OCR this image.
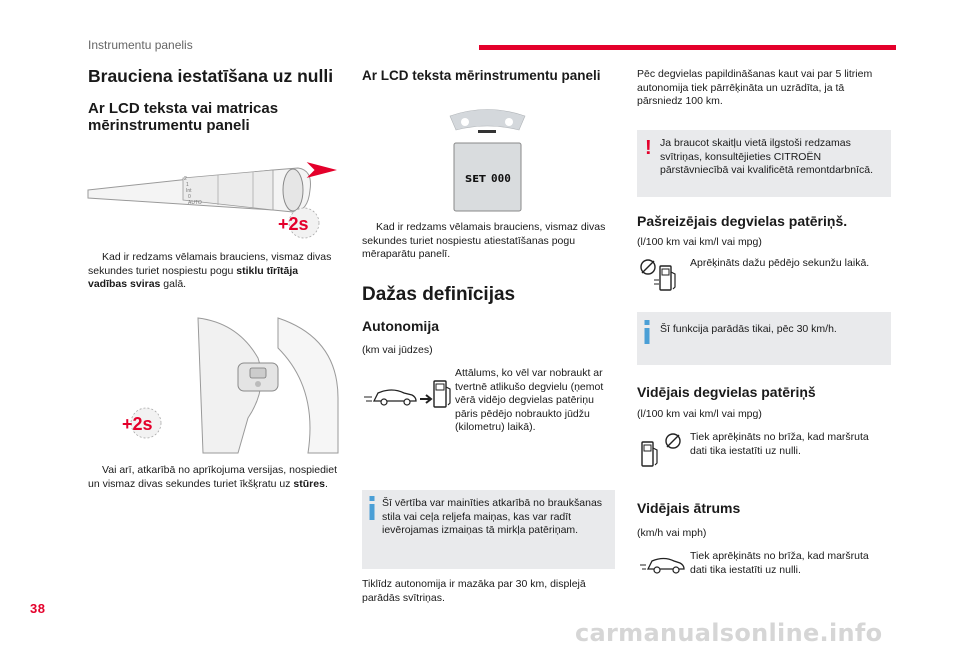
Instrumentu panelis
38
carmanualsonline.info
Brauciena iestatīšana uz nulli
Ar LCD teksta vai matricas mērinstrumentu paneli
2
1
Int
0
AUTO
+2s
Kad ir redzams vēlamais brauciens, vismaz divas sekundes turiet nospiestu pogu stiklu tīrītāja vadības sviras galā.
+2s
Vai arī, atkarībā no aprīkojuma versijas, nospiediet un vismaz divas sekundes turiet īkšķratu uz stūres.
Ar LCD teksta mērinstrumentu paneli
SET 000
Kad ir redzams vēlamais brauciens, vismaz divas sekundes turiet nospiestu atiestatīšanas pogu mēraparātu panelī.
Dažas definīcijas
Autonomija
(km vai jūdzes)
Attālums, ko vēl var nobraukt ar tvertnē atlikušo degvielu (ņemot vērā vidējo degvielas patēriņu pāris pēdējo nobraukto jūdžu (kilometru) laikā).
Šī vērtība var mainīties atkarībā no braukšanas stila vai ceļa reljefa maiņas, kas var radīt ievērojamas izmaiņas tā mirkļa patēriņam.
Tiklīdz autonomija ir mazāka par 30 km, displejā parādās svītriņas.
Pēc degvielas papildināšanas kaut vai par 5 litriem autonomija tiek pārrēķināta un uzrādīta, ja tā pārsniedz 100 km.
! Ja braucot skaitļu vietā ilgstoši redzamas svītriņas, konsultējieties CITROËN pārstāvniecībā vai kvalificētā remontdarbnīcā.
Pašreizējais degvielas patēriņš.
(l/100 km vai km/l vai mpg)
Aprēķināts dažu pēdējo sekunžu laikā.
Šī funkcija parādās tikai, pēc 30 km/h.
Vidējais degvielas patēriņš
(l/100 km vai km/l vai mpg)
Tiek aprēķināts no brīža, kad maršruta dati tika iestatīti uz nulli.
Vidējais ātrums
(km/h vai mph)
Tiek aprēķināts no brīža, kad maršruta dati tika iestatīti uz nulli.
